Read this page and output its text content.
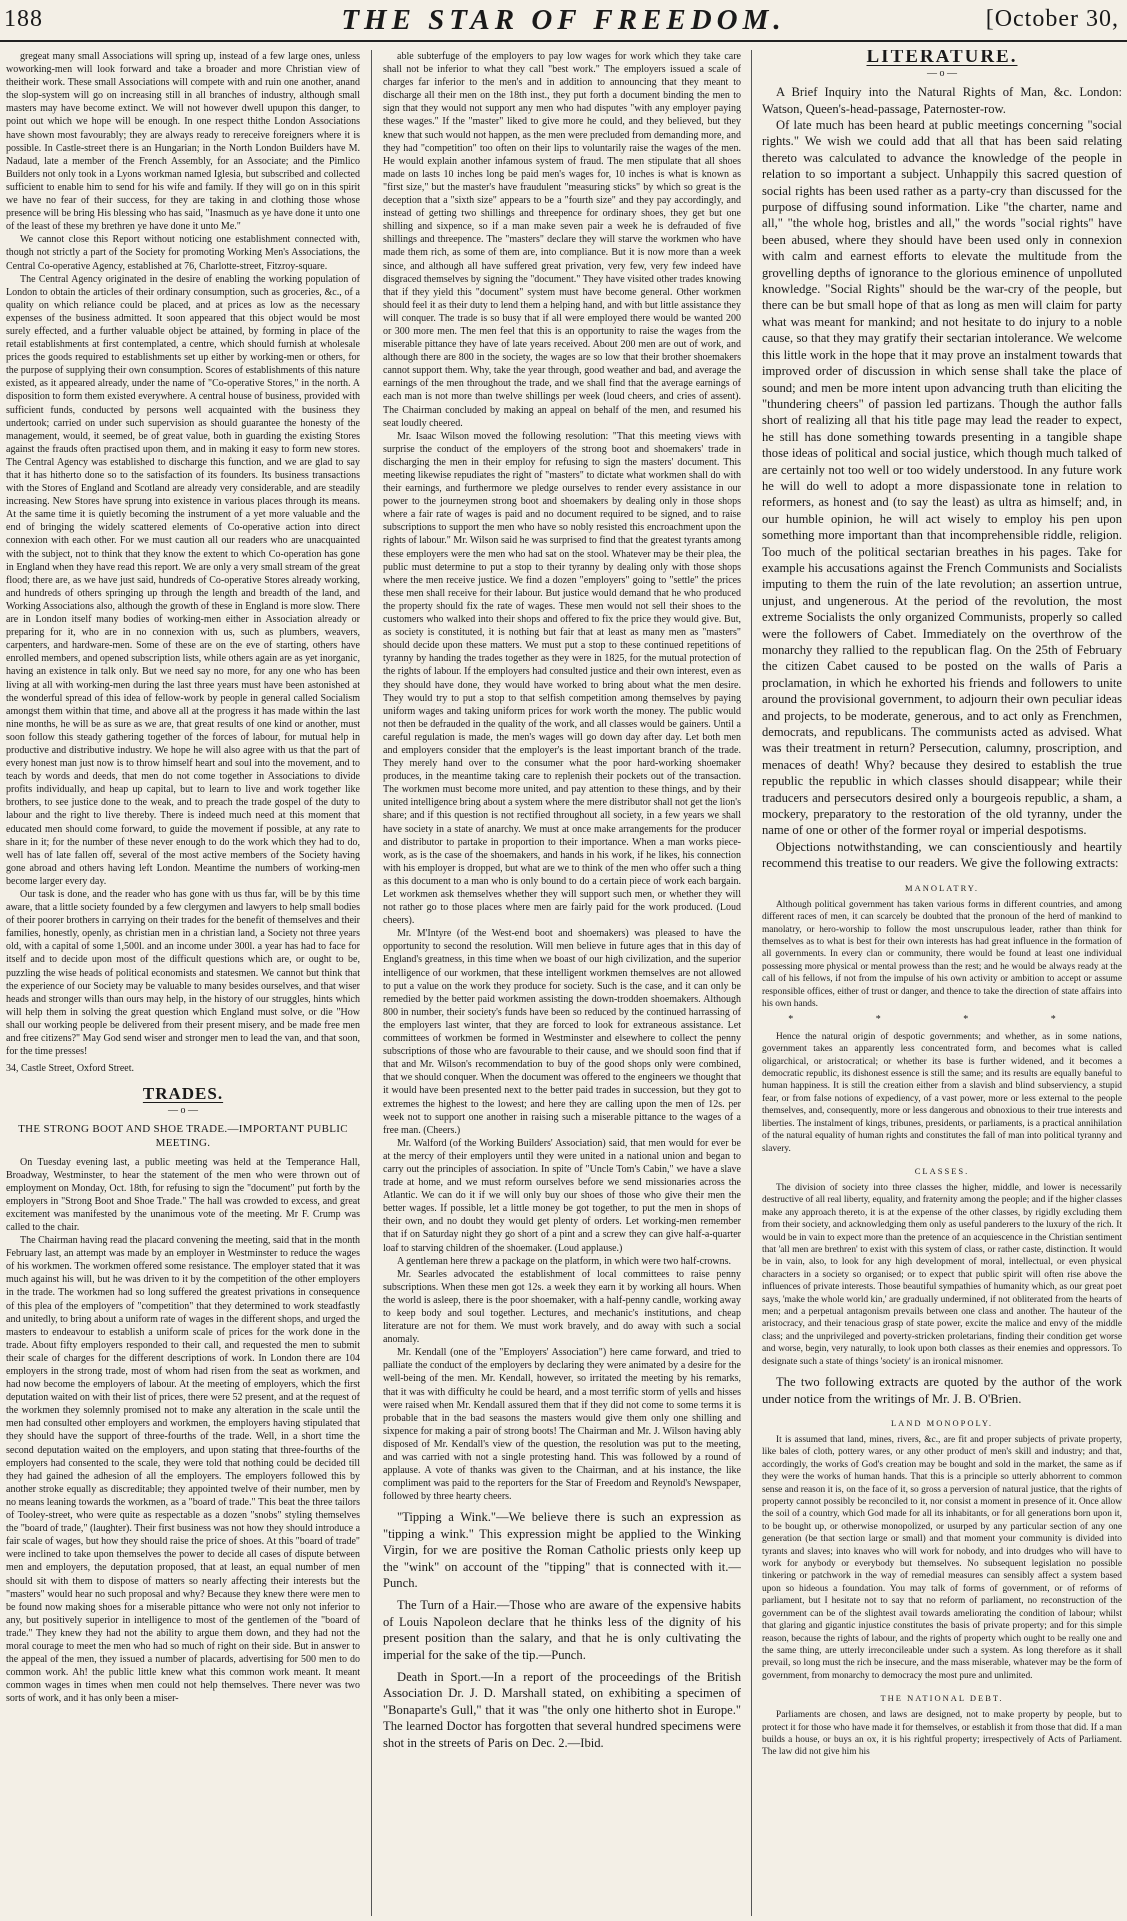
188	THE STAR OF FREEDOM.	[October 30,

gregeat many small Associations will spring up, instead of a few large ones, unless woworking-men will look forward and take a broader and more Christian view of theitheir work. These small Associations will compete with and ruin one another, anand the slop-system will go on increasing still in all branches of industry, although small masters may have become extinct. We will not however dwell upupon this danger, to point out which we hope will be enough. In one respect thithe London Associations have shown most favourably; they are always ready to rereceive foreigners where it is possible. In Castle-street there is an Hungarian; in the North London Builders have M. Nadaud, late a member of the French Assembly, for an Associate; and the Pimlico Builders not only took in a Lyons workman named Iglesia, but subscribed and collected sufficient to enable him to send for his wife and family. If they will go on in this spirit we have no fear of their success, for they are taking in and clothing those whose presence will be bring His blessing who has said, "Inasmuch as ye have done it unto one of the least of these my brethren ye have done it unto Me."

We cannot close this Report without noticing one establishment connected with, though not strictly a part of the Society for promoting Working Men's Associations, the Central Co-operative Agency, established at 76, Charlotte-street, Fitzroy-square.

The Central Agency originated in the desire of enabling the working population of London to obtain the articles of their ordinary consumption, such as groceries, &c., of a quality on which reliance could be placed, and at prices as low as the necessary expenses of the business admitted. It soon appeared that this object would be most surely effected, and a further valuable object be attained, by forming in place of the retail establishments at first contemplated, a centre, which should furnish at wholesale prices the goods required to establishments set up either by working-men or others, for the purpose of supplying their own consumption. Scores of establishments of this nature existed, as it appeared already, under the name of "Co-operative Stores," in the north. A disposition to form them existed everywhere. A central house of business, provided with sufficient funds, conducted by persons well acquainted with the business they undertook; carried on under such supervision as should guarantee the honesty of the management, would, it seemed, be of great value, both in guarding the existing Stores against the frauds often practised upon them, and in making it easy to form new stores. The Central Agency was established to discharge this function, and we are glad to say that it has hitherto done so to the satisfaction of its founders. Its business transactions with the Stores of England and Scotland are already very considerable, and are steadily increasing. New Stores have sprung into existence in various places through its means. At the same time it is quietly becoming the instrument of a yet more valuable and the end of bringing the widely scattered elements of Co-operative action into direct connexion with each other. For we must caution all our readers who are unacquainted with the subject, not to think that they know the extent to which Co-operation has gone in England when they have read this report. We are only a very small stream of the great flood; there are, as we have just said, hundreds of Co-operative Stores already working, and hundreds of others springing up through the length and breadth of the land, and Working Associations also, although the growth of these in England is more slow. There are in London itself many bodies of working-men either in Association already or preparing for it, who are in no connexion with us, such as plumbers, weavers, carpenters, and hardware-men. Some of these are on the eve of starting, others have enrolled members, and opened subscription lists, while others again are as yet inorganic, having an existence in talk only. But we need say no more, for any one who has been living at all with working-men during the last three years must have been astonished at the wonderful spread of this idea of fellow-work by people in general called Socialism amongst them within that time, and above all at the progress it has made within the last nine months, he will be as sure as we are, that great results of one kind or another, must soon follow this steady gathering together of the forces of labour, for mutual help in productive and distributive industry. We hope he will also agree with us that the part of every honest man just now is to throw himself heart and soul into the movement, and to teach by words and deeds, that men do not come together in Associations to divide profits individually, and heap up capital, but to learn to live and work together like brothers, to see justice done to the weak, and to preach the trade gospel of the duty to labour and the right to live thereby. There is indeed much need at this moment that educated men should come forward, to guide the movement if possible, at any rate to share in it; for the number of these never enough to do the work which they had to do, well has of late fallen off, several of the most active members of the Society having gone abroad and others having left London. Meantime the numbers of working-men become larger every day.

Our task is done, and the reader who has gone with us thus far, will be by this time aware, that a little society founded by a few clergymen and lawyers to help small bodies of their poorer brothers in carrying on their trades for the benefit of themselves and their families, honestly, openly, as christian men in a christian land, a Society not three years old, with a capital of some 1,500l. and an income under 300l. a year has had to face for itself and to decide upon most of the difficult questions which are, or ought to be, puzzling the wise heads of political economists and statesmen. We cannot but think that the experience of our Society may be valuable to many besides ourselves, and that wiser heads and stronger wills than ours may help, in the history of our struggles, hints which will help them in solving the great question which England must solve, or die "How shall our working people be delivered from their present misery, and be made free men and free citizens?" May God send wiser and stronger men to lead the van, and that soon, for the time presses!

34, Castle Street, Oxford Street.

TRADES.
— o —
THE STRONG BOOT AND SHOE TRADE.—IMPORTANT PUBLIC MEETING.

On Tuesday evening last, a public meeting was held at the Temperance Hall, Broadway, Westminster, to hear the statement of the men who were thrown out of employment on Monday, Oct. 18th, for refusing to sign the "document" put forth by the employers in "Strong Boot and Shoe Trade." The hall was crowded to excess, and great excitement was manifested by the unanimous vote of the meeting. Mr F. Crump was called to the chair.

The Chairman having read the placard convening the meeting, said that in the month February last, an attempt was made by an employer in Westminster to reduce the wages of his workmen. The workmen offered some resistance. The employer stated that it was much against his will, but he was driven to it by the competition of the other employers in the trade. The workmen had so long suffered the greatest privations in consequence of this plea of the employers of "competition" that they determined to work steadfastly and unitedly, to bring about a uniform rate of wages in the different shops, and urged the masters to endeavour to establish a uniform scale of prices for the work done in the trade. About fifty employers responded to their call, and requested the men to submit their scale of charges for the different descriptions of work. In London there are 104 employers in the strong trade, most of whom had risen from the seat as workmen, and had now become the employers of labour. At the meeting of employers, which the first deputation waited on with their list of prices, there were 52 present, and at the request of the workmen they solemnly promised not to make any alteration in the scale until the men had consulted other employers and workmen, the employers having stipulated that they should have the support of three-fourths of the trade. Well, in a short time the second deputation waited on the employers, and upon stating that three-fourths of the employers had consented to the scale, they were told that nothing could be decided till they had gained the adhesion of all the employers. The employers followed this by another stroke equally as discreditable; they appointed twelve of their number, men by no means leaning towards the workmen, as a "board of trade." This beat the three tailors of Tooley-street, who were quite as respectable as a dozen "snobs" styling themselves the "board of trade," (laughter). Their first business was not how they should introduce a fair scale of wages, but how they should raise the price of shoes. At this "board of trade" were inclined to take upon themselves the power to decide all cases of dispute between men and employers, the deputation proposed, that at least, an equal number of men should sit with them to dispose of matters so nearly affecting their interests but the "masters" would hear no such proposal and why? Because they knew there were men to be found now making shoes for a miserable pittance who were not only not inferior to any, but positively superior in intelligence to most of the gentlemen of the "board of trade." They knew they had not the ability to argue them down, and they had not the moral courage to meet the men who had so much of right on their side. But in answer to the appeal of the men, they issued a number of placards, advertising for 500 men to do common work. Ah! the public little knew what this common work meant. It meant common wages in times when men could not help themselves. There never was two sorts of work, and it has only been a miser-

able subterfuge of the employers to pay low wages for work which they take care shall not be inferior to what they call "best work." The employers issued a scale of charges far inferior to the men's and in addition to announcing that they meant to discharge all their men on the 18th inst., they put forth a document binding the men to sign that they would not support any men who had disputes "with any employer paying these wages." If the "master" liked to give more he could, and they believed, but they knew that such would not happen, as the men were precluded from demanding more, and they had "competition" too often on their lips to voluntarily raise the wages of the men. He would explain another infamous system of fraud. The men stipulate that all shoes made on lasts 10 inches long be paid men's wages for, 10 inches is what is known as "first size," but the master's have fraudulent "measuring sticks" by which so great is the deception that a "sixth size" appears to be a "fourth size" and they pay accordingly, and instead of getting two shillings and threepence for ordinary shoes, they get but one shilling and sixpence, so if a man make seven pair a week he is defrauded of five shillings and threepence. The "masters" declare they will starve the workmen who have made them rich, as some of them are, into compliance. But it is now more than a week since, and although all have suffered great privation, very few, very few indeed have disgraced themselves by signing the "document." They have visited other trades knowing that if they yield this "document" system must have become general. Other workmen should feel it as their duty to lend them a helping hand, and with but little assistance they will conquer. The trade is so busy that if all were employed there would be wanted 200 or 300 more men. The men feel that this is an opportunity to raise the wages from the miserable pittance they have of late years received. About 200 men are out of work, and although there are 800 in the society, the wages are so low that their brother shoemakers cannot support them. Why, take the year through, good weather and bad, and average the earnings of the men throughout the trade, and we shall find that the average earnings of each man is not more than twelve shillings per week (loud cheers, and cries of assent). The Chairman concluded by making an appeal on behalf of the men, and resumed his seat loudly cheered.

Mr. Isaac Wilson moved the following resolution: "That this meeting views with surprise the conduct of the employers of the strong boot and shoemakers' trade in discharging the men in their employ for refusing to sign the masters' document. This meeting likewise repudiates the right of "masters" to dictate what workmen shall do with their earnings, and furthermore we pledge ourselves to render every assistance in our power to the journeymen strong boot and shoemakers by dealing only in those shops where a fair rate of wages is paid and no document required to be signed, and to raise subscriptions to support the men who have so nobly resisted this encroachment upon the rights of labour." Mr. Wilson said he was surprised to find that the greatest tyrants among these employers were the men who had sat on the stool. Whatever may be their plea, the public must determine to put a stop to their tyranny by dealing only with those shops where the men receive justice. We find a dozen "employers" going to "settle" the prices these men shall receive for their labour. But justice would demand that he who produced the property should fix the rate of wages. These men would not sell their shoes to the customers who walked into their shops and offered to fix the price they would give. But, as society is constituted, it is nothing but fair that at least as many men as "masters" should decide upon these matters. We must put a stop to these continued repetitions of tyranny by handing the trades together as they were in 1825, for the mutual protection of the rights of labour. If the employers had consulted justice and their own interest, even as they should have done, they would have worked to bring about what the men desire. They would try to put a stop to that selfish competition among themselves by paying uniform wages and taking uniform prices for work worth the money. The public would not then be defrauded in the quality of the work, and all classes would be gainers. Until a careful regulation is made, the men's wages will go down day after day. Let both men and employers consider that the employer's is the least important branch of the trade. They merely hand over to the consumer what the poor hard-working shoemaker produces, in the meantime taking care to replenish their pockets out of the transaction. The workmen must become more united, and pay attention to these things, and by their united intelligence bring about a system where the mere distributor shall not get the lion's share; and if this question is not rectified throughout all society, in a few years we shall have society in a state of anarchy. We must at once make arrangements for the producer and distributor to partake in proportion to their importance. When a man works piece-work, as is the case of the shoemakers, and hands in his work, if he likes, his connection with his employer is dropped, but what are we to think of the men who offer such a thing as this document to a man who is only bound to do a certain piece of work each bargain. Let workmen ask themselves whether they will support such men, or whether they will not rather go to those places where men are fairly paid for the work produced. (Loud cheers).

Mr. M'Intyre (of the West-end boot and shoemakers) was pleased to have the opportunity to second the resolution. Will men believe in future ages that in this day of England's greatness, in this time when we boast of our high civilization, and the superior intelligence of our workmen, that these intelligent workmen themselves are not allowed to put a value on the work they produce for society. Such is the case, and it can only be remedied by the better paid workmen assisting the down-trodden shoemakers. Although 800 in number, their society's funds have been so reduced by the continued harrassing of the employers last winter, that they are forced to look for extraneous assistance. Let committees of workmen be formed in Westminster and elsewhere to collect the penny subscriptions of those who are favourable to their cause, and we should soon find that if that and Mr. Wilson's recommendation to buy of the good shops only were combined, that we should conquer. When the document was offered to the engineers we thought that it would have been presented next to the better paid trades in succession, but they got to extremes the highest to the lowest; and here they are calling upon the men of 12s. per week not to support one another in raising such a miserable pittance to the wages of a free man. (Cheers.)

Mr. Walford (of the Working Builders' Association) said, that men would for ever be at the mercy of their employers until they were united in a national union and began to carry out the principles of association. In spite of "Uncle Tom's Cabin," we have a slave trade at home, and we must reform ourselves before we send missionaries across the Atlantic. We can do it if we will only buy our shoes of those who give their men the better wages. If possible, let a little money be got together, to put the men in shops of their own, and no doubt they would get plenty of orders. Let working-men remember that if on Saturday night they go short of a pint and a screw they can give half-a-quarter loaf to starving children of the shoemaker. (Loud applause.)

A gentleman here threw a package on the platform, in which were two half-crowns.

Mr. Searles advocated the establishment of local committees to raise penny subscriptions. When these men got 12s. a week they earn it by working all hours. When the world is asleep, there is the poor shoemaker, with a half-penny candle, working away to keep body and soul together. Lectures, and mechanic's institutions, and cheap literature are not for them. We must work bravely, and do away with such a social anomaly.

Mr. Kendall (one of the "Employers' Association") here came forward, and tried to palliate the conduct of the employers by declaring they were animated by a desire for the well-being of the men. Mr. Kendall, however, so irritated the meeting by his remarks, that it was with difficulty he could be heard, and a most terrific storm of yells and hisses were raised when Mr. Kendall assured them that if they did not come to some terms it is probable that in the bad seasons the masters would give them only one shilling and sixpence for making a pair of strong boots! The Chairman and Mr. J. Wilson having ably disposed of Mr. Kendall's view of the question, the resolution was put to the meeting, and was carried with not a single protesting hand. This was followed by a round of applause. A vote of thanks was given to the Chairman, and at his instance, the like compliment was paid to the reporters for the Star of Freedom and Reynold's Newspaper, followed by three hearty cheers.

"Tipping a Wink."—We believe there is such an expression as "tipping a wink." This expression might be applied to the Winking Virgin, for we are positive the Roman Catholic priests only keep up the "wink" on account of the "tipping" that is connected with it.—Punch.

The Turn of a Hair.—Those who are aware of the expensive habits of Louis Napoleon declare that he thinks less of the dignity of his present position than the salary, and that he is only cultivating the imperial for the sake of the tip.—Punch.

Death in Sport.—In a report of the proceedings of the British Association Dr. J. D. Marshall stated, on exhibiting a specimen of "Bonaparte's Gull," that it was "the only one hitherto shot in Europe." The learned Doctor has forgotten that several hundred specimens were shot in the streets of Paris on Dec. 2.—Ibid.

LITERATURE.
— o —

A Brief Inquiry into the Natural Rights of Man, &c. London: Watson, Queen's-head-passage, Paternoster-row.

Of late much has been heard at public meetings concerning "social rights." We wish we could add that all that has been said relating thereto was calculated to advance the knowledge of the people in relation to so important a subject. Unhappily this sacred question of social rights has been used rather as a party-cry than discussed for the purpose of diffusing sound information. Like "the charter, name and all," "the whole hog, bristles and all," the words "social rights" have been abused, where they should have been used only in connexion with calm and earnest efforts to elevate the multitude from the grovelling depths of ignorance to the glorious eminence of unpolluted knowledge. "Social Rights" should be the war-cry of the people, but there can be but small hope of that as long as men will claim for party what was meant for mankind; and not hesitate to do injury to a noble cause, so that they may gratify their sectarian intolerance. We welcome this little work in the hope that it may prove an instalment towards that improved order of discussion in which sense shall take the place of sound; and men be more intent upon advancing truth than eliciting the "thundering cheers" of passion led partizans. Though the author falls short of realizing all that his title page may lead the reader to expect, he still has done something towards presenting in a tangible shape those ideas of political and social justice, which though much talked of are certainly not too well or too widely understood. In any future work he will do well to adopt a more dispassionate tone in relation to reformers, as honest and (to say the least) as ultra as himself; and, in our humble opinion, he will act wisely to employ his pen upon something more important than that incomprehensible riddle, religion. Too much of the political sectarian breathes in his pages. Take for example his accusations against the French Communists and Socialists imputing to them the ruin of the late revolution; an assertion untrue, unjust, and ungenerous. At the period of the revolution, the most extreme Socialists the only organized Communists, properly so called were the followers of Cabet. Immediately on the overthrow of the monarchy they rallied to the republican flag. On the 25th of February the citizen Cabet caused to be posted on the walls of Paris a proclamation, in which he exhorted his friends and followers to unite around the provisional government, to adjourn their own peculiar ideas and projects, to be moderate, generous, and to act only as Frenchmen, democrats, and republicans. The communists acted as advised. What was their treatment in return? Persecution, calumny, proscription, and menaces of death! Why? because they desired to establish the true republic the republic in which classes should disappear; while their traducers and persecutors desired only a bourgeois republic, a sham, a mockery, preparatory to the restoration of the old tyranny, under the name of one or other of the former royal or imperial despotisms.

Objections notwithstanding, we can conscientiously and heartily recommend this treatise to our readers. We give the following extracts:

MANOLATRY.

Although political government has taken various forms in different countries, and among different races of men, it can scarcely be doubted that the pronoun of the herd of mankind to manolatry, or hero-worship to follow the most unscrupulous leader, rather than think for themselves as to what is best for their own interests has had great influence in the formation of all governments. In every clan or community, there would be found at least one individual possessing more physical or mental prowess than the rest; and he would be always ready at the call of his fellows, if not from the impulse of his own activity or ambition to accept or assume responsible offices, either of trust or danger, and thence to take the direction of state affairs into his own hands.

* * * *

Hence the natural origin of despotic governments; and whether, as in some nations, government takes an apparently less concentrated form, and becomes what is called oligarchical, or aristocratical; or whether its base is further widened, and it becomes a democratic republic, its dishonest essence is still the same; and its results are equally baneful to human happiness. It is still the creation either from a slavish and blind subserviency, a stupid fear, or from false notions of expediency, of a vast power, more or less external to the people themselves, and, consequently, more or less dangerous and obnoxious to their true interests and liberties. The instalment of kings, tribunes, presidents, or parliaments, is a practical annihilation of the natural equality of human rights and constitutes the fall of man into political tyranny and slavery.

CLASSES.

The division of society into three classes the higher, middle, and lower is necessarily destructive of all real liberty, equality, and fraternity among the people; and if the higher classes make any approach thereto, it is at the expense of the other classes, by rigidly excluding them from their society, and acknowledging them only as useful panderers to the luxury of the rich. It would be in vain to expect more than the pretence of an acquiescence in the Christian sentiment that 'all men are brethren' to exist with this system of class, or rather caste, distinction. It would be in vain, also, to look for any high development of moral, intellectual, or even physical characters in a society so organised; or to expect that public spirit will often rise above the influences of private interests. Those beautiful sympathies of humanity which, as our great poet says, 'make the whole world kin,' are gradually undermined, if not obliterated from the hearts of men; and a perpetual antagonism prevails between one class and another. The hauteur of the aristocracy, and their tenacious grasp of state power, excite the malice and envy of the middle class; and the unprivileged and poverty-stricken proletarians, finding their condition get worse and worse, begin, very naturally, to look upon both classes as their enemies and oppressors. To designate such a state of things 'society' is an ironical misnomer.

The two following extracts are quoted by the author of the work under notice from the writings of Mr. J. B. O'Brien.

LAND MONOPOLY.

It is assumed that land, mines, rivers, &c., are fit and proper subjects of private property, like bales of cloth, pottery wares, or any other product of men's skill and industry; and that, accordingly, the works of God's creation may be bought and sold in the market, the same as if they were the works of human hands. That this is a principle so utterly abhorrent to common sense and reason it is, on the face of it, so gross a perversion of natural justice, that the rights of property cannot possibly be reconciled to it, nor consist a moment in presence of it. Once allow the soil of a country, which God made for all its inhabitants, or for all generations born upon it, to be bought up, or otherwise monopolized, or usurped by any particular section of any one generation (be that section large or small) and that moment your community is divided into tyrants and slaves; into knaves who will work for nobody, and into drudges who will have to work for anybody or everybody but themselves. No subsequent legislation no possible tinkering or patchwork in the way of remedial measures can sensibly affect a system based upon so hideous a foundation. You may talk of forms of government, or of reforms of parliament, but I hesitate not to say that no reform of parliament, no reconstruction of the government can be of the slightest avail towards ameliorating the condition of labour; whilst that glaring and gigantic injustice constitutes the basis of private property; and for this simple reason, because the rights of labour, and the rights of property which ought to be really one and the same thing, are utterly irreconcileable under such a system. As long therefore as it shall prevail, so long must the rich be insecure, and the mass miserable, whatever may be the form of government, from monarchy to democracy the most pure and unlimited.

THE NATIONAL DEBT.

Parliaments are chosen, and laws are designed, not to make property by people, but to protect it for those who have made it for themselves, or establish it from those that did. If a man builds a house, or buys an ox, it is his rightful property; irrespectively of Acts of Parliament. The law did not give him his
